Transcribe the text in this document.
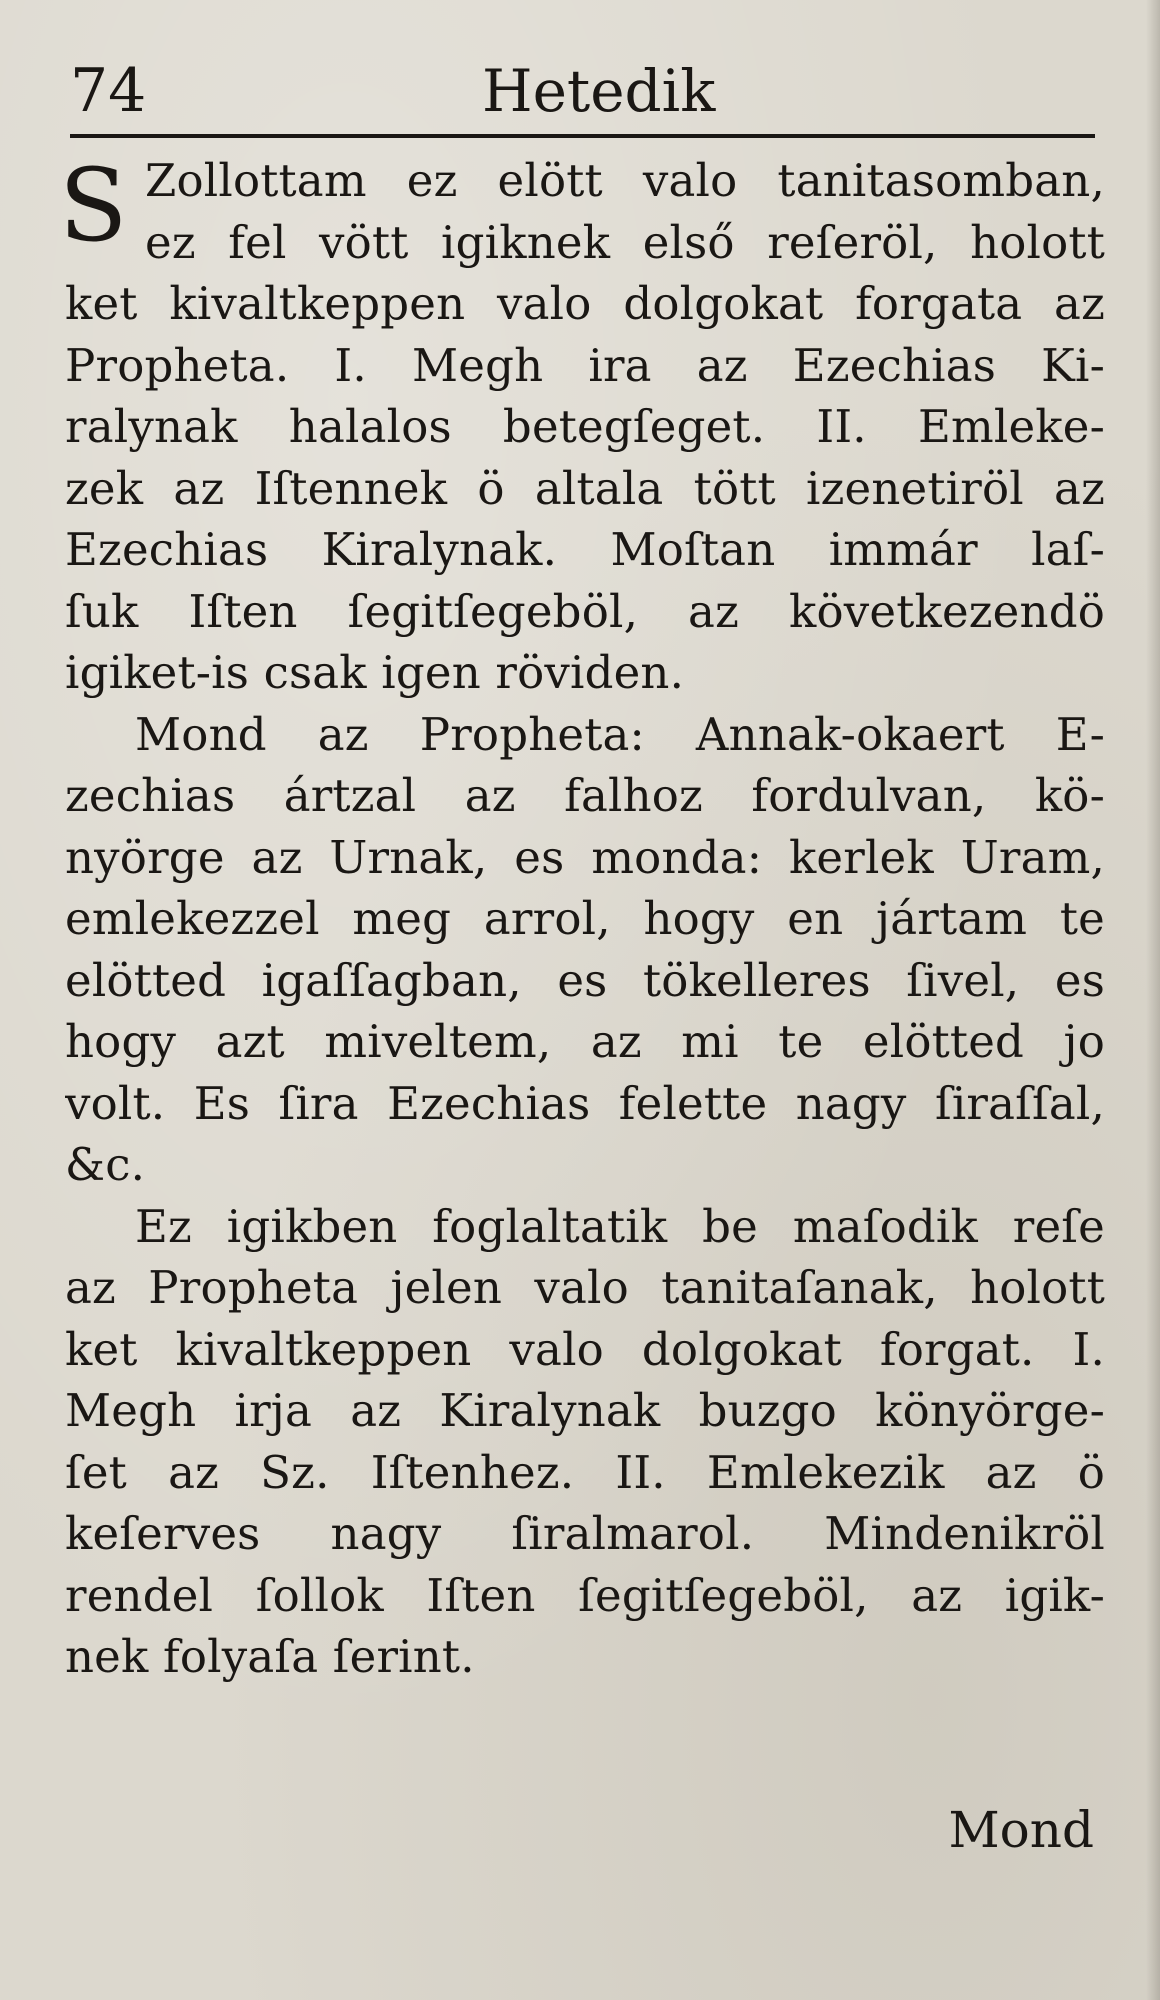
74	Hetedik
S Zollottam ez elött valo tanitasomban,
ez fel vött igiknek első reſeröl, holott
ket kivaltkeppen valo dolgokat forgata az
Propheta. I. Megh ira az Ezechias Ki-
ralynak halalos betegſeget. II. Emleke-
zek az Iſtennek ö altala tött izenetiröl az
Ezechias Kiralynak. Moſtan immár laſ-
ſuk Iſten ſegitſegeböl, az következendö
igiket-is csak igen röviden.
Mond az Propheta: Annak-okaert E-
zechias ártzal az falhoz fordulvan, kö-
nyörge az Urnak, es monda: kerlek Uram,
emlekezzel meg arrol, hogy en jártam te
elötted igaſſagban, es tökelleres ſivel, es
hogy azt miveltem, az mi te elötted jo
volt. Es ſira Ezechias felette nagy ſiraſſal,
&c.
Ez igikben foglaltatik be maſodik reſe
az Propheta jelen valo tanitaſanak, holott
ket kivaltkeppen valo dolgokat forgat. I.
Megh irja az Kiralynak buzgo könyörge-
ſet az Sz. Iſtenhez. II. Emlekezik az ö
keſerves nagy ſiralmarol. Mindenikröl
rendel ſollok Iſten ſegitſegeböl, az igik-
nek folyaſa ſerint.
Mond
